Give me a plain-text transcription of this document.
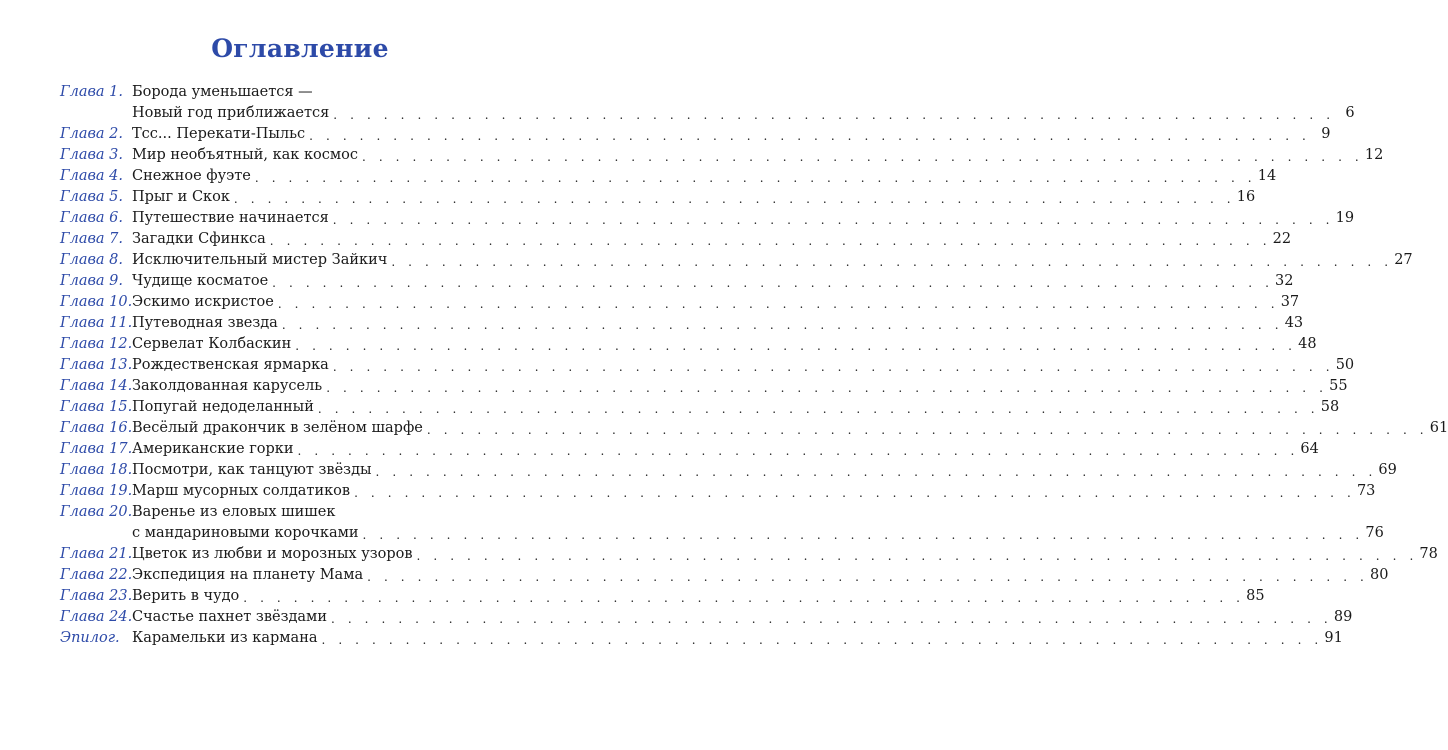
Оглавление
Глава 1. Борода уменьшается —
Новый год приближается . . . . . . . . . . . . . . . . . . . . . . . . . . . . . . . . . . . . . . . . . . . . . . . . . . . . . . . . . . . . 6
Глава 2. Тсс... Перекати-Пыльс . . . . . . . . . . . . . . . . . . . . . . . . . . . . . . . . . . . . . . . . . . . . . . . . . . . . . . . . . . . . 9
Глава 3. Мир необъятный, как космос . . . . . . . . . . . . . . . . . . . . . . . . . . . . . . . . . . . . . . . . . . . . . . . . . . . . . . . . . . . . 12
Глава 4. Снежное фуэте . . . . . . . . . . . . . . . . . . . . . . . . . . . . . . . . . . . . . . . . . . . . . . . . . . . . . . . . . . . . 14
Глава 5. Прыг и Скок . . . . . . . . . . . . . . . . . . . . . . . . . . . . . . . . . . . . . . . . . . . . . . . . . . . . . . . . . . . . 16
Глава 6. Путешествие начинается . . . . . . . . . . . . . . . . . . . . . . . . . . . . . . . . . . . . . . . . . . . . . . . . . . . . . . . . . . . . 19
Глава 7. Загадки Сфинкса . . . . . . . . . . . . . . . . . . . . . . . . . . . . . . . . . . . . . . . . . . . . . . . . . . . . . . . . . . . . 22
Глава 8. Исключительный мистер Зайкич . . . . . . . . . . . . . . . . . . . . . . . . . . . . . . . . . . . . . . . . . . . . . . . . . . . . . . . . . . . . 27
Глава 9. Чудище косматое . . . . . . . . . . . . . . . . . . . . . . . . . . . . . . . . . . . . . . . . . . . . . . . . . . . . . . . . . . . . 32
Глава 10. Эскимо искристое . . . . . . . . . . . . . . . . . . . . . . . . . . . . . . . . . . . . . . . . . . . . . . . . . . . . . . . . . . . . 37
Глава 11. Путеводная звезда . . . . . . . . . . . . . . . . . . . . . . . . . . . . . . . . . . . . . . . . . . . . . . . . . . . . . . . . . . . . 43
Глава 12. Сервелат Колбаскин . . . . . . . . . . . . . . . . . . . . . . . . . . . . . . . . . . . . . . . . . . . . . . . . . . . . . . . . . . . . 48
Глава 13. Рождественская ярмарка . . . . . . . . . . . . . . . . . . . . . . . . . . . . . . . . . . . . . . . . . . . . . . . . . . . . . . . . . . . . 50
Глава 14. Заколдованная карусель . . . . . . . . . . . . . . . . . . . . . . . . . . . . . . . . . . . . . . . . . . . . . . . . . . . . . . . . . . . . 55
Глава 15. Попугай недоделанный . . . . . . . . . . . . . . . . . . . . . . . . . . . . . . . . . . . . . . . . . . . . . . . . . . . . . . . . . . . . 58
Глава 16. Весёлый дракончик в зелёном шарфе . . . . . . . . . . . . . . . . . . . . . . . . . . . . . . . . . . . . . . . . . . . . . . . . . . . . . . . . . . . . 61
Глава 17. Американские горки . . . . . . . . . . . . . . . . . . . . . . . . . . . . . . . . . . . . . . . . . . . . . . . . . . . . . . . . . . . . 64
Глава 18. Посмотри, как танцуют звёзды . . . . . . . . . . . . . . . . . . . . . . . . . . . . . . . . . . . . . . . . . . . . . . . . . . . . . . . . . . . . 69
Глава 19. Марш мусорных солдатиков . . . . . . . . . . . . . . . . . . . . . . . . . . . . . . . . . . . . . . . . . . . . . . . . . . . . . . . . . . . . 73
Глава 20. Варенье из еловых шишек
с мандариновыми корочками . . . . . . . . . . . . . . . . . . . . . . . . . . . . . . . . . . . . . . . . . . . . . . . . . . . . . . . . . . . . 76
Глава 21. Цветок из любви и морозных узоров . . . . . . . . . . . . . . . . . . . . . . . . . . . . . . . . . . . . . . . . . . . . . . . . . . . . . . . . . . . . 78
Глава 22. Экспедиция на планету Мама . . . . . . . . . . . . . . . . . . . . . . . . . . . . . . . . . . . . . . . . . . . . . . . . . . . . . . . . . . . . 80
Глава 23. Верить в чудо . . . . . . . . . . . . . . . . . . . . . . . . . . . . . . . . . . . . . . . . . . . . . . . . . . . . . . . . . . . . 85
Глава 24. Счастье пахнет звёздами . . . . . . . . . . . . . . . . . . . . . . . . . . . . . . . . . . . . . . . . . . . . . . . . . . . . . . . . . . . . 89
Эпилог. Карамельки из кармана . . . . . . . . . . . . . . . . . . . . . . . . . . . . . . . . . . . . . . . . . . . . . . . . . . . . . . . . . . . . 91
